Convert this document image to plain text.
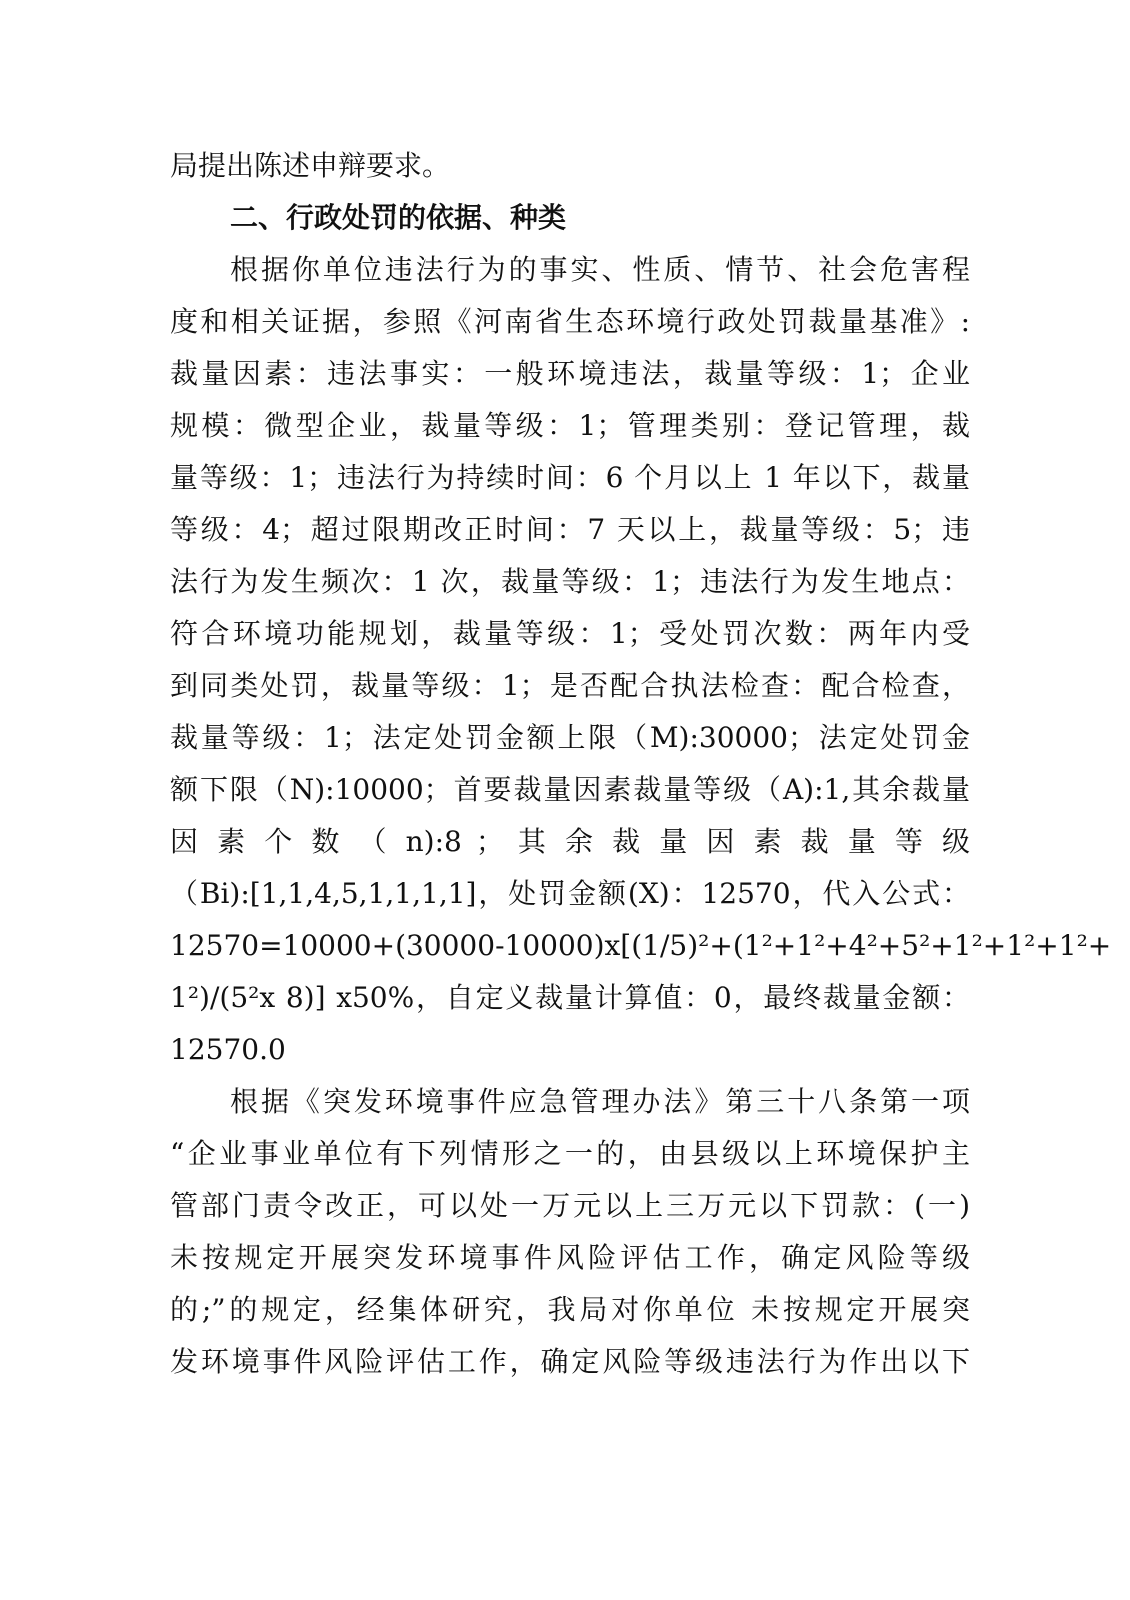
局提出陈述申辩要求。
二、行政处罚的依据、种类
根据你单位违法行为的事实、性质、情节、社会危害程
度和相关证据，参照《河南省生态环境行政处罚裁量基准》:
裁量因素：违法事实：一般环境违法，裁量等级：1；企业
规模：微型企业，裁量等级：1；管理类别：登记管理，裁
量等级：1；违法行为持续时间：6 个月以上 1 年以下，裁量
等级：4；超过限期改正时间：7 天以上，裁量等级：5；违
法行为发生频次：1 次，裁量等级：1；违法行为发生地点：
符合环境功能规划，裁量等级：1；受处罚次数：两年内受
到同类处罚，裁量等级：1；是否配合执法检查：配合检查，
裁量等级：1；法定处罚金额上限（M):30000；法定处罚金
额下限（N):10000；首要裁量因素裁量等级（A):1,其余裁量
因 素 个 数 （ n):8 ； 其 余 裁 量 因 素 裁 量 等 级
（Bi):[1,1,4,5,1,1,1,1]，处罚金额(X)：12570，代入公式：
12570=10000+(30000-10000)x[(1/5)²+(1²+1²+4²+5²+1²+1²+1²+
1²)/(5²x 8)] x50%，自定义裁量计算值：0，最终裁量金额：
12570.0
根据《突发环境事件应急管理办法》第三十八条第一项
“企业事业单位有下列情形之一的，由县级以上环境保护主
管部门责令改正，可以处一万元以上三万元以下罚款：(一)
未按规定开展突发环境事件风险评估工作，确定风险等级
的;”的规定，经集体研究，我局对你单位 未按规定开展突
发环境事件风险评估工作，确定风险等级违法行为作出以下
